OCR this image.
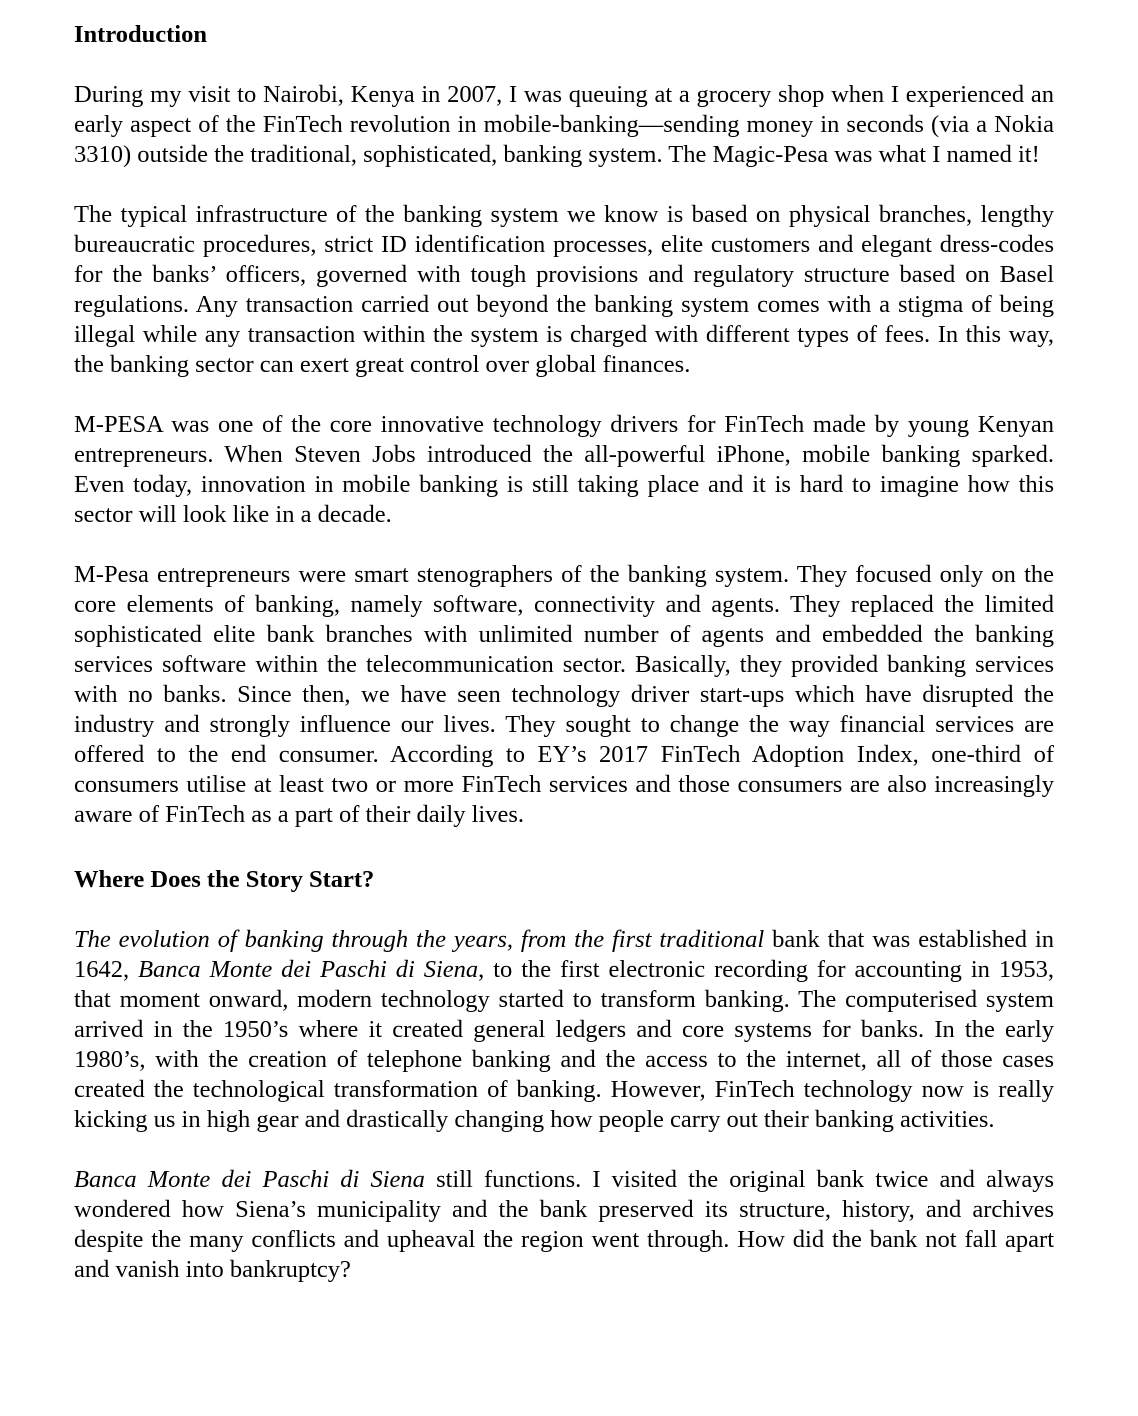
Introduction

During my visit to Nairobi, Kenya in 2007, I was queuing at a grocery shop when I experienced an early aspect of the FinTech revolution in mobile-banking—sending money in seconds (via a Nokia 3310) outside the traditional, sophisticated, banking system. The Magic-Pesa was what I named it!

The typical infrastructure of the banking system we know is based on physical branches, lengthy bureaucratic procedures, strict ID identification processes, elite customers and elegant dress-codes for the banks’ officers, governed with tough provisions and regulatory structure based on Basel regulations. Any transaction carried out beyond the banking system comes with a stigma of being illegal while any transaction within the system is charged with different types of fees. In this way, the banking sector can exert great control over global finances.

M-PESA was one of the core innovative technology drivers for FinTech made by young Kenyan entrepreneurs. When Steven Jobs introduced the all-powerful iPhone, mobile banking sparked. Even today, innovation in mobile banking is still taking place and it is hard to imagine how this sector will look like in a decade.

M-Pesa entrepreneurs were smart stenographers of the banking system. They focused only on the core elements of banking, namely software, connectivity and agents. They replaced the limited sophisticated elite bank branches with unlimited number of agents and embedded the banking services software within the telecommunication sector. Basically, they provided banking services with no banks. Since then, we have seen technology driver start-ups which have disrupted the industry and strongly influence our lives. They sought to change the way financial services are offered to the end consumer. According to EY’s 2017 FinTech Adoption Index, one-third of consumers utilise at least two or more FinTech services and those consumers are also increasingly aware of FinTech as a part of their daily lives.

Where Does the Story Start?

The evolution of banking through the years, from the first traditional bank that was established in 1642, Banca Monte dei Paschi di Siena, to the first electronic recording for accounting in 1953, that moment onward, modern technology started to transform banking. The computerised system arrived in the 1950’s where it created general ledgers and core systems for banks. In the early 1980’s, with the creation of telephone banking and the access to the internet, all of those cases created the technological transformation of banking. However, FinTech technology now is really kicking us in high gear and drastically changing how people carry out their banking activities.

Banca Monte dei Paschi di Siena still functions. I visited the original bank twice and always wondered how Siena’s municipality and the bank preserved its structure, history, and archives despite the many conflicts and upheaval the region went through. How did the bank not fall apart and vanish into bankruptcy?
